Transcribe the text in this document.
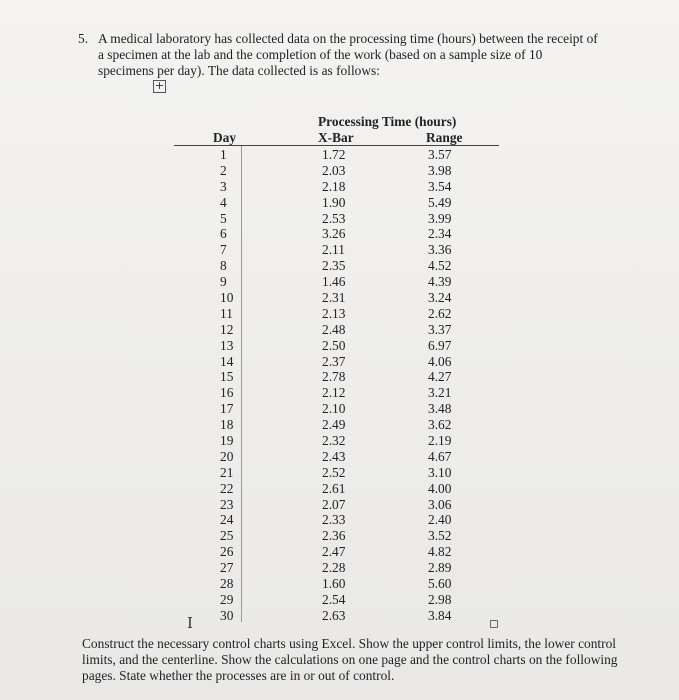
5. A medical laboratory has collected data on the processing time (hours) between the receipt of a specimen at the lab and the completion of the work (based on a sample size of 10 specimens per day). The data collected is as follows:
+
Processing Time (hours)
Day	X-Bar	Range
1	1.72	3.57
2	2.03	3.98
3	2.18	3.54
4	1.90	5.49
5	2.53	3.99
6	3.26	2.34
7	2.11	3.36
8	2.35	4.52
9	1.46	4.39
10	2.31	3.24
11	2.13	2.62
12	2.48	3.37
13	2.50	6.97
14	2.37	4.06
15	2.78	4.27
16	2.12	3.21
17	2.10	3.48
18	2.49	3.62
19	2.32	2.19
20	2.43	4.67
21	2.52	3.10
22	2.61	4.00
23	2.07	3.06
24	2.33	2.40
25	2.36	3.52
26	2.47	4.82
27	2.28	2.89
28	1.60	5.60
29	2.54	2.98
30	2.63	3.84
I
Construct the necessary control charts using Excel. Show the upper control limits, the lower control limits, and the centerline. Show the calculations on one page and the control charts on the following pages. State whether the processes are in or out of control.
